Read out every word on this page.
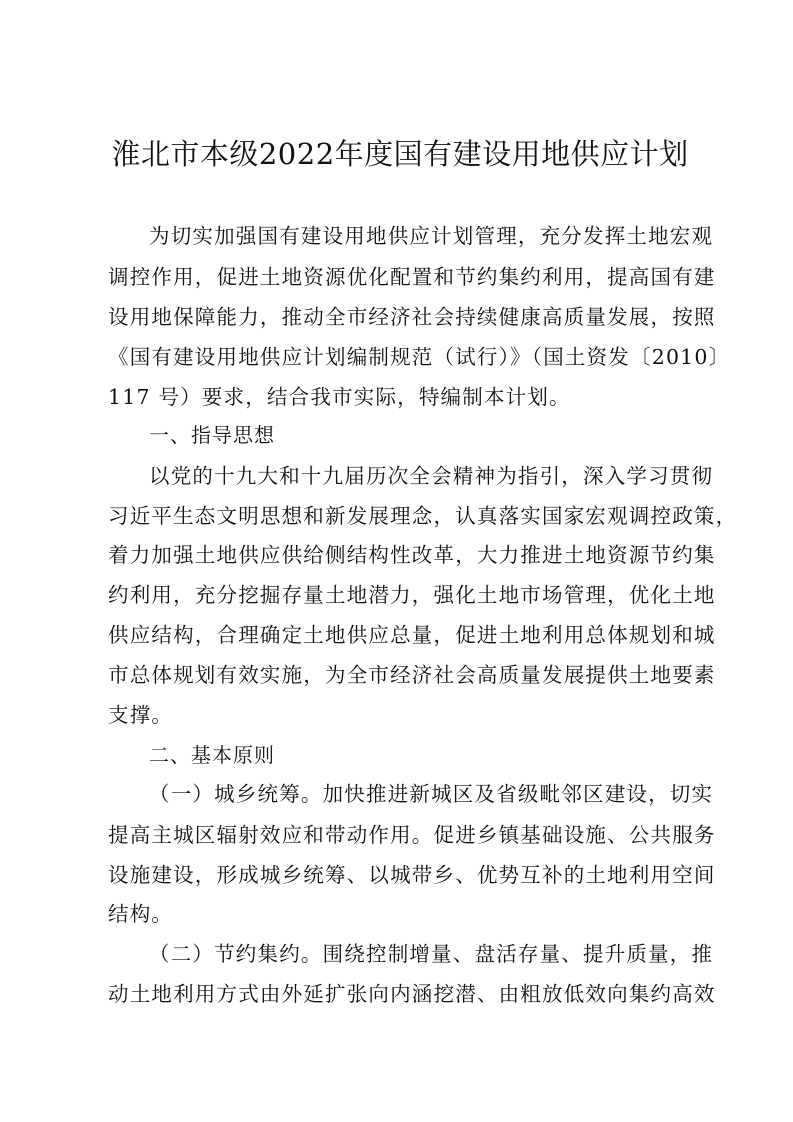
淮北市本级2022年度国有建设用地供应计划
为切实加强国有建设用地供应计划管理，充分发挥土地宏观
调控作用，促进土地资源优化配置和节约集约利用，提高国有建
设用地保障能力，推动全市经济社会持续健康高质量发展，按照
《国有建设用地供应计划编制规范（试行）》（国土资发〔2010〕
117 号）要求，结合我市实际，特编制本计划。
一、指导思想
以党的十九大和十九届历次全会精神为指引，深入学习贯彻
习近平生态文明思想和新发展理念，认真落实国家宏观调控政策，
着力加强土地供应供给侧结构性改革，大力推进土地资源节约集
约利用，充分挖掘存量土地潜力，强化土地市场管理，优化土地
供应结构，合理确定土地供应总量，促进土地利用总体规划和城
市总体规划有效实施，为全市经济社会高质量发展提供土地要素
支撑。
二、基本原则
（一）城乡统筹。加快推进新城区及省级毗邻区建设，切实
提高主城区辐射效应和带动作用。促进乡镇基础设施、公共服务
设施建设，形成城乡统筹、以城带乡、优势互补的土地利用空间
结构。
（二）节约集约。围绕控制增量、盘活存量、提升质量，推
动土地利用方式由外延扩张向内涵挖潜、由粗放低效向集约高效
